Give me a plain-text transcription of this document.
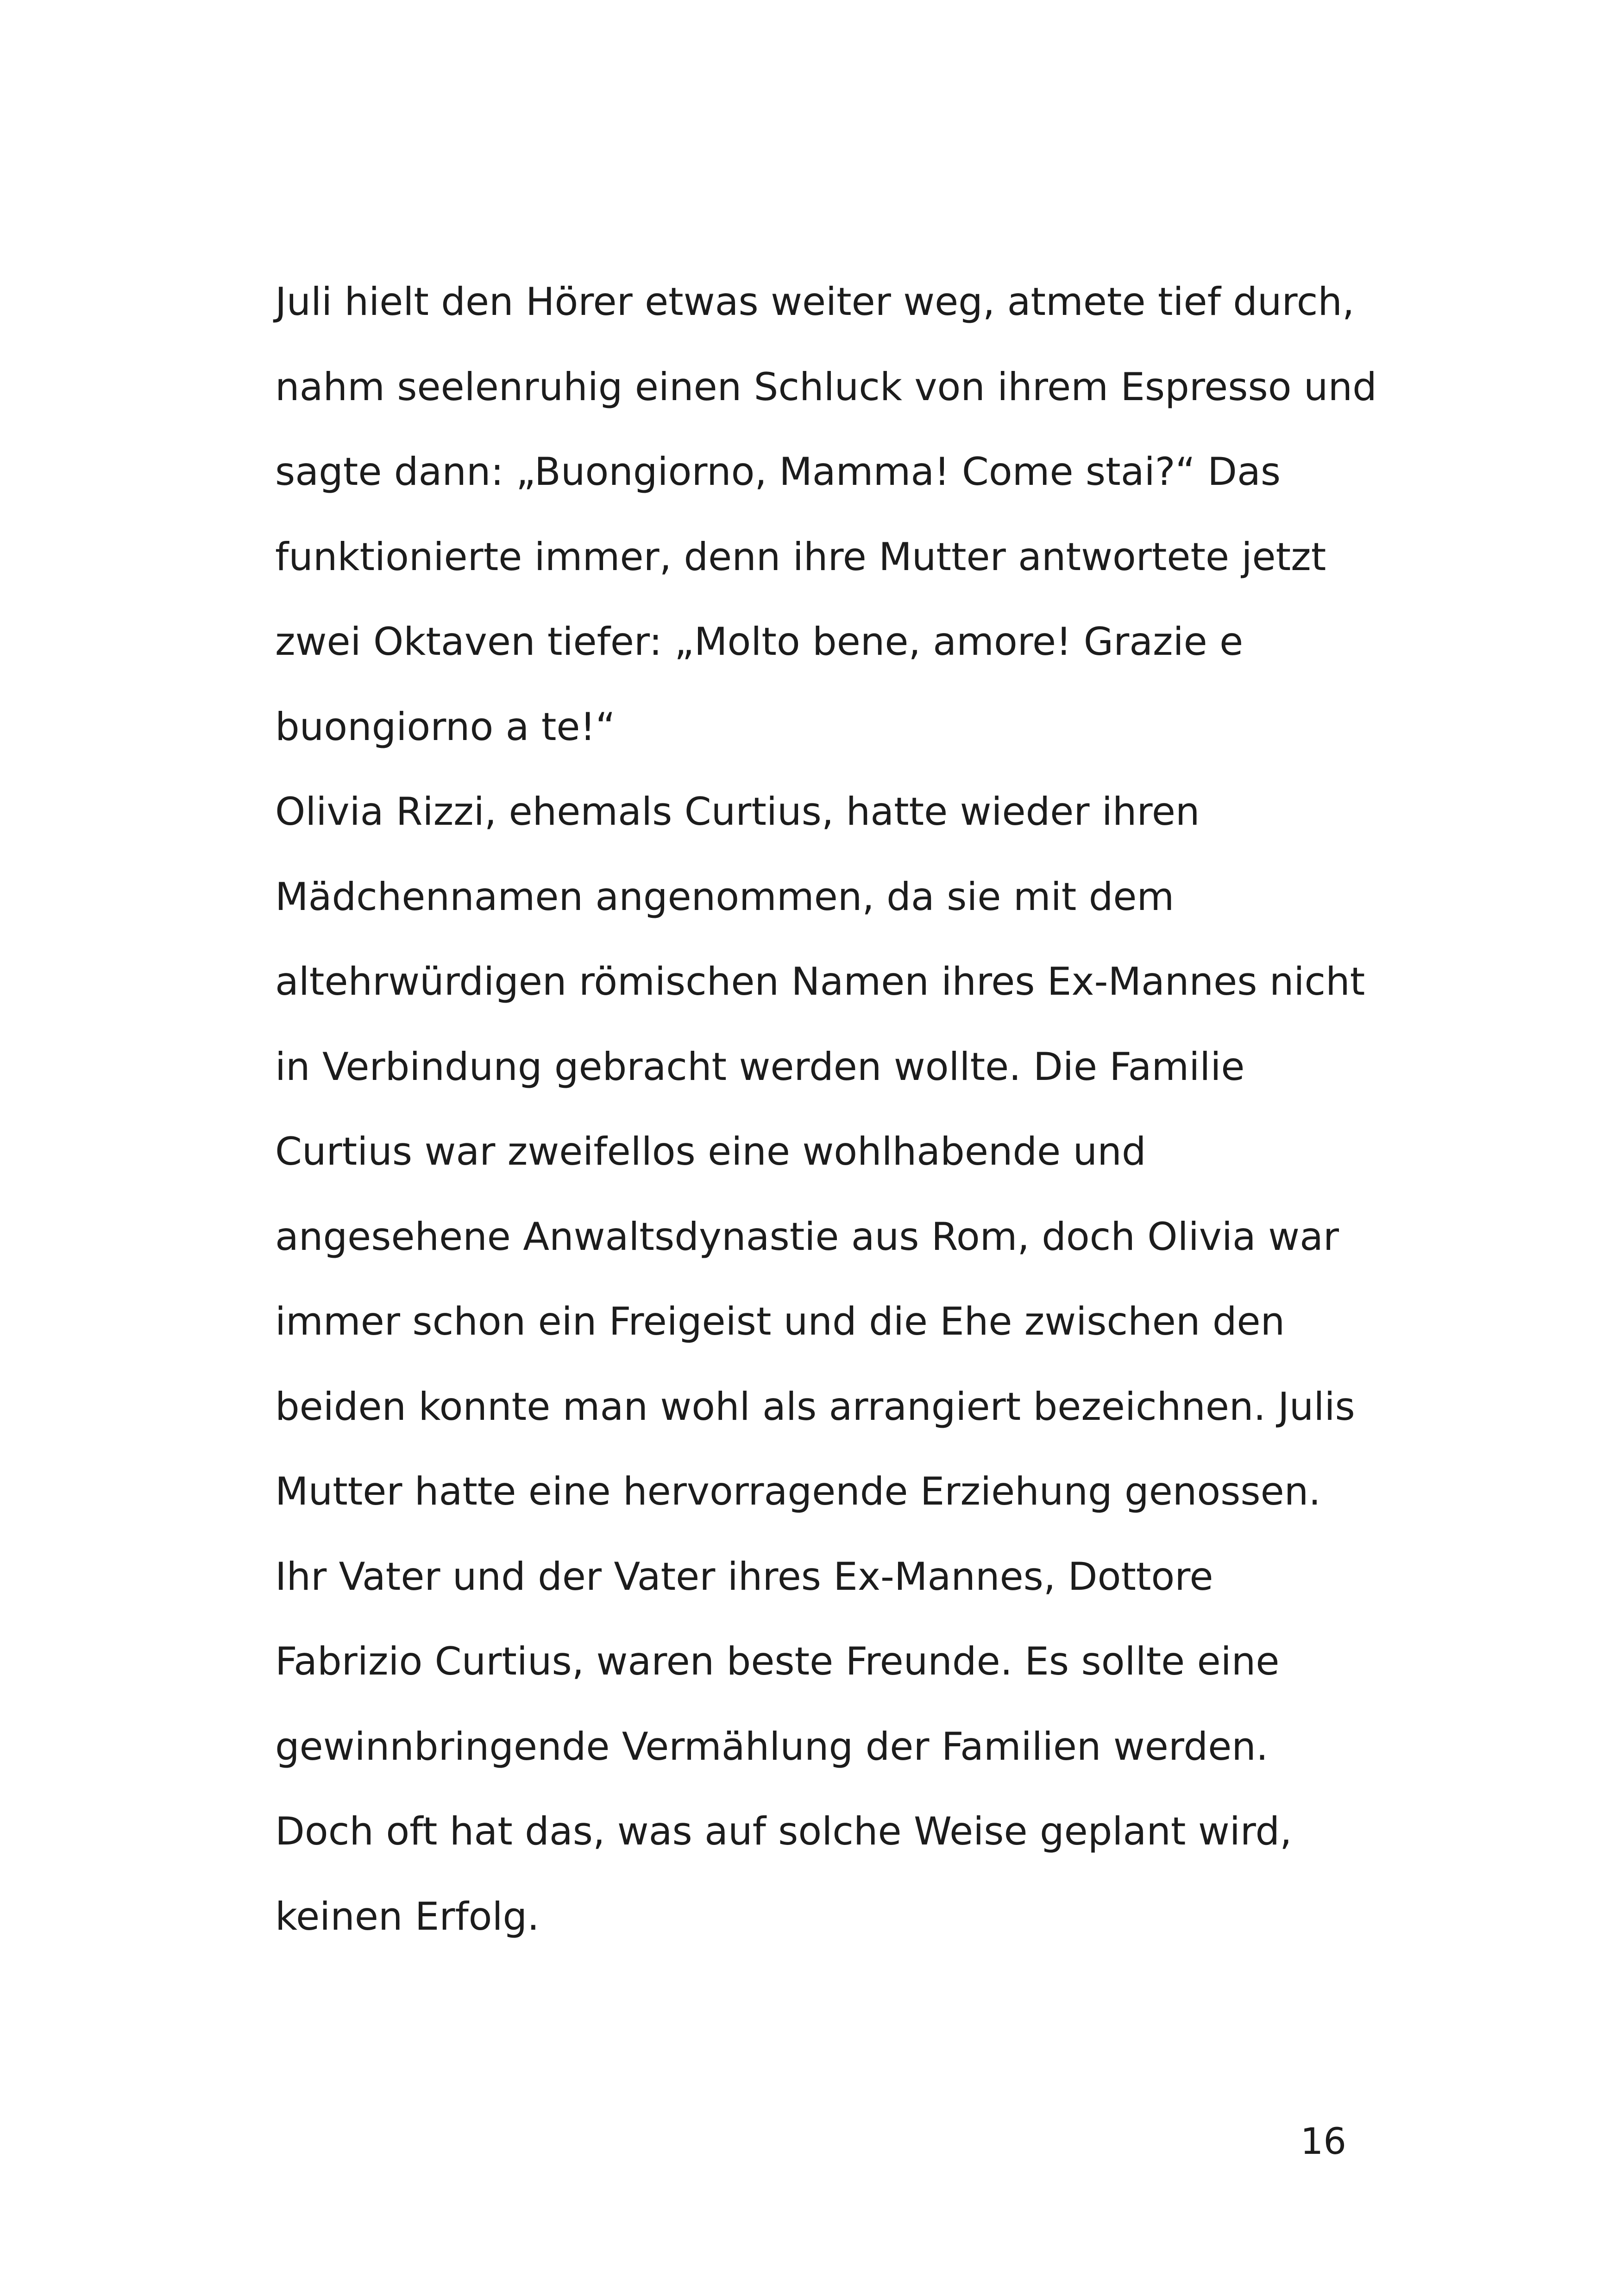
Juli hielt den Hörer etwas weiter weg, atmete tief durch,
nahm seelenruhig einen Schluck von ihrem Espresso und
sagte dann: „Buongiorno, Mamma! Come stai?“ Das
funktionierte immer, denn ihre Mutter antwortete jetzt
zwei Oktaven tiefer: „Molto bene, amore! Grazie e
buongiorno a te!“
Olivia Rizzi, ehemals Curtius, hatte wieder ihren
Mädchennamen angenommen, da sie mit dem
altehrwürdigen römischen Namen ihres Ex-Mannes nicht
in Verbindung gebracht werden wollte. Die Familie
Curtius war zweifellos eine wohlhabende und
angesehene Anwaltsdynastie aus Rom, doch Olivia war
immer schon ein Freigeist und die Ehe zwischen den
beiden konnte man wohl als arrangiert bezeichnen. Julis
Mutter hatte eine hervorragende Erziehung genossen.
Ihr Vater und der Vater ihres Ex-Mannes, Dottore
Fabrizio Curtius, waren beste Freunde. Es sollte eine
gewinnbringende Vermählung der Familien werden.
Doch oft hat das, was auf solche Weise geplant wird,
keinen Erfolg.
16
